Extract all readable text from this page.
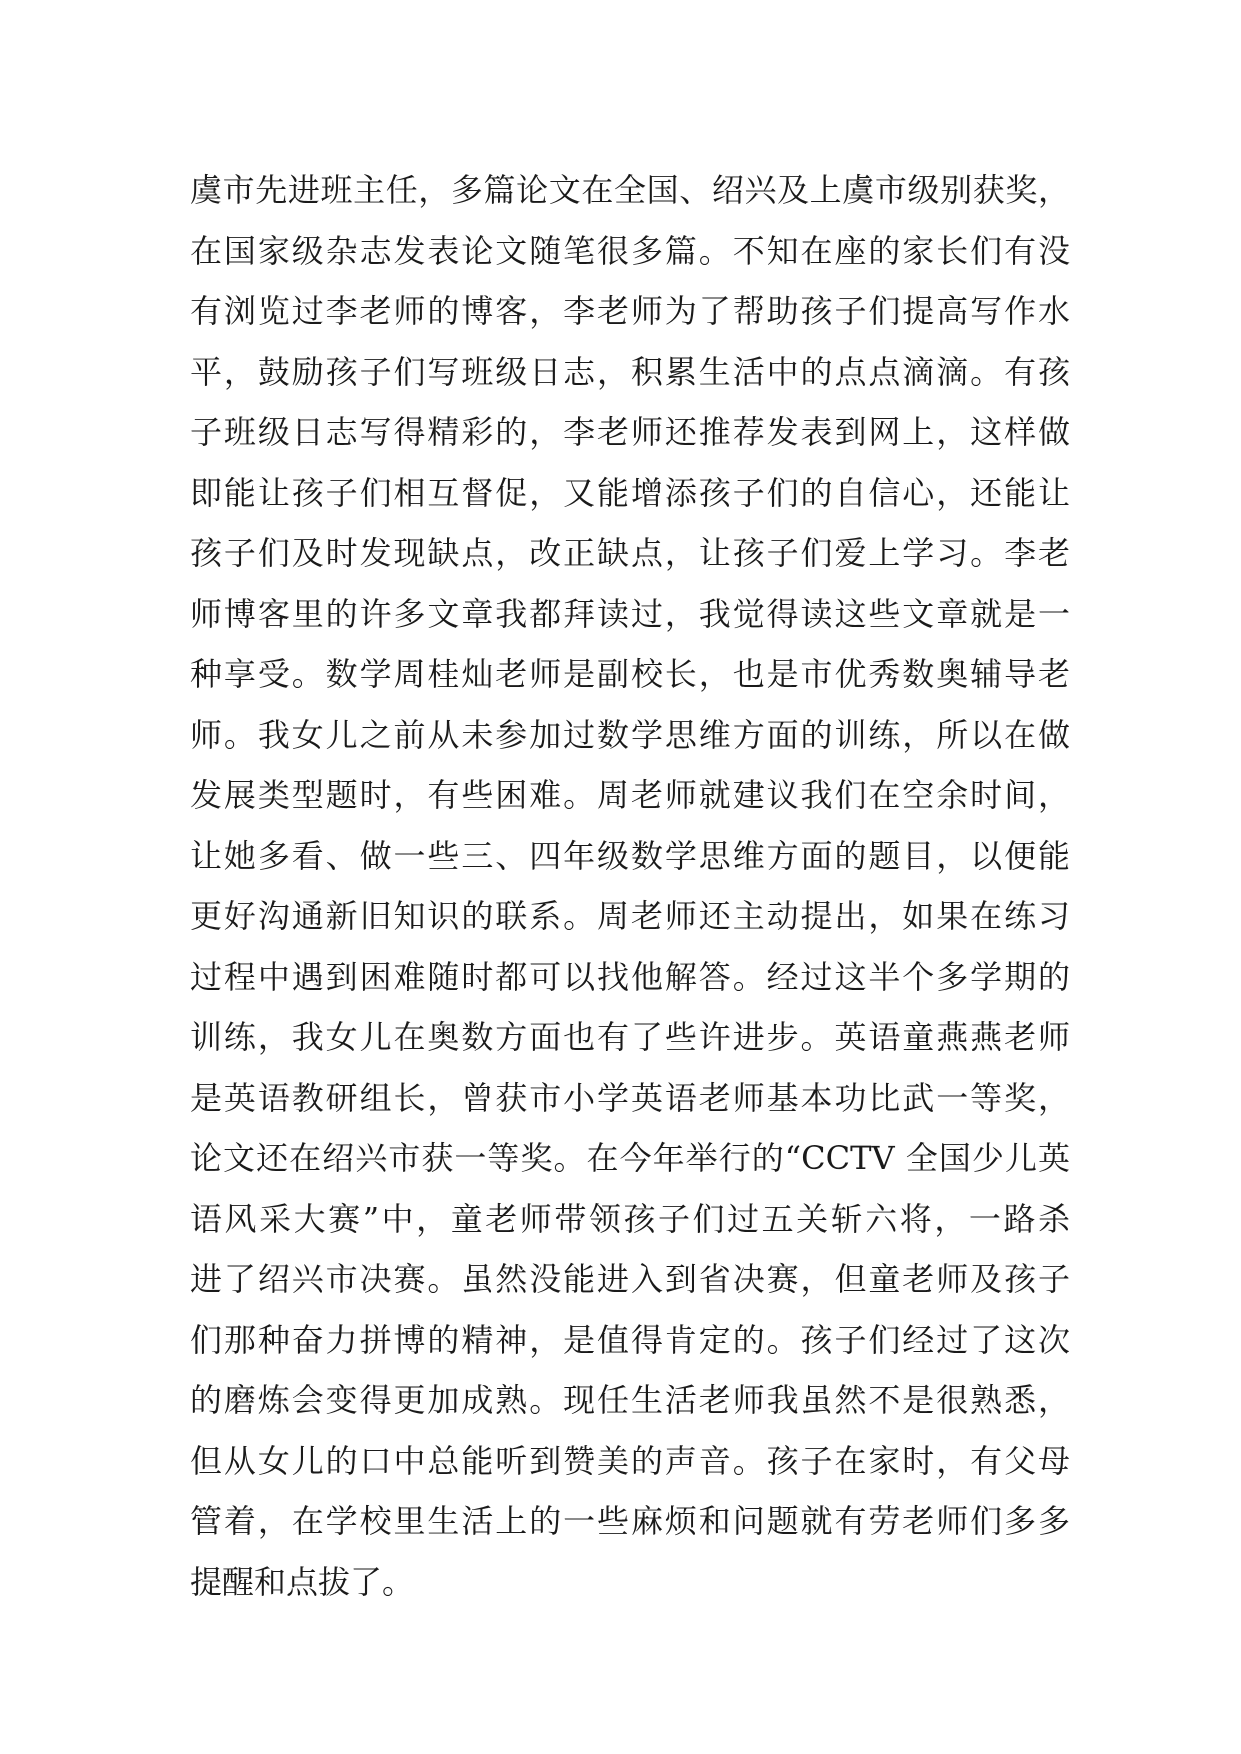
虞市先进班主任，多篇论文在全国、绍兴及上虞市级别获奖，
在国家级杂志发表论文随笔很多篇。不知在座的家长们有没
有浏览过李老师的博客，李老师为了帮助孩子们提高写作水
平，鼓励孩子们写班级日志，积累生活中的点点滴滴。有孩
子班级日志写得精彩的，李老师还推荐发表到网上，这样做
即能让孩子们相互督促，又能增添孩子们的自信心，还能让
孩子们及时发现缺点，改正缺点，让孩子们爱上学习。李老
师博客里的许多文章我都拜读过，我觉得读这些文章就是一
种享受。数学周桂灿老师是副校长，也是市优秀数奥辅导老
师。我女儿之前从未参加过数学思维方面的训练，所以在做
发展类型题时，有些困难。周老师就建议我们在空余时间，
让她多看、做一些三、四年级数学思维方面的题目，以便能
更好沟通新旧知识的联系。周老师还主动提出，如果在练习
过程中遇到困难随时都可以找他解答。经过这半个多学期的
训练，我女儿在奥数方面也有了些许进步。英语童燕燕老师
是英语教研组长，曾获市小学英语老师基本功比武一等奖，
论文还在绍兴市获一等奖。在今年举行的“CCTV 全国少儿英
语风采大赛”中，童老师带领孩子们过五关斩六将，一路杀
进了绍兴市决赛。虽然没能进入到省决赛，但童老师及孩子
们那种奋力拼博的精神，是值得肯定的。孩子们经过了这次
的磨炼会变得更加成熟。现任生活老师我虽然不是很熟悉，
但从女儿的口中总能听到赞美的声音。孩子在家时，有父母
管着，在学校里生活上的一些麻烦和问题就有劳老师们多多
提醒和点拔了。
